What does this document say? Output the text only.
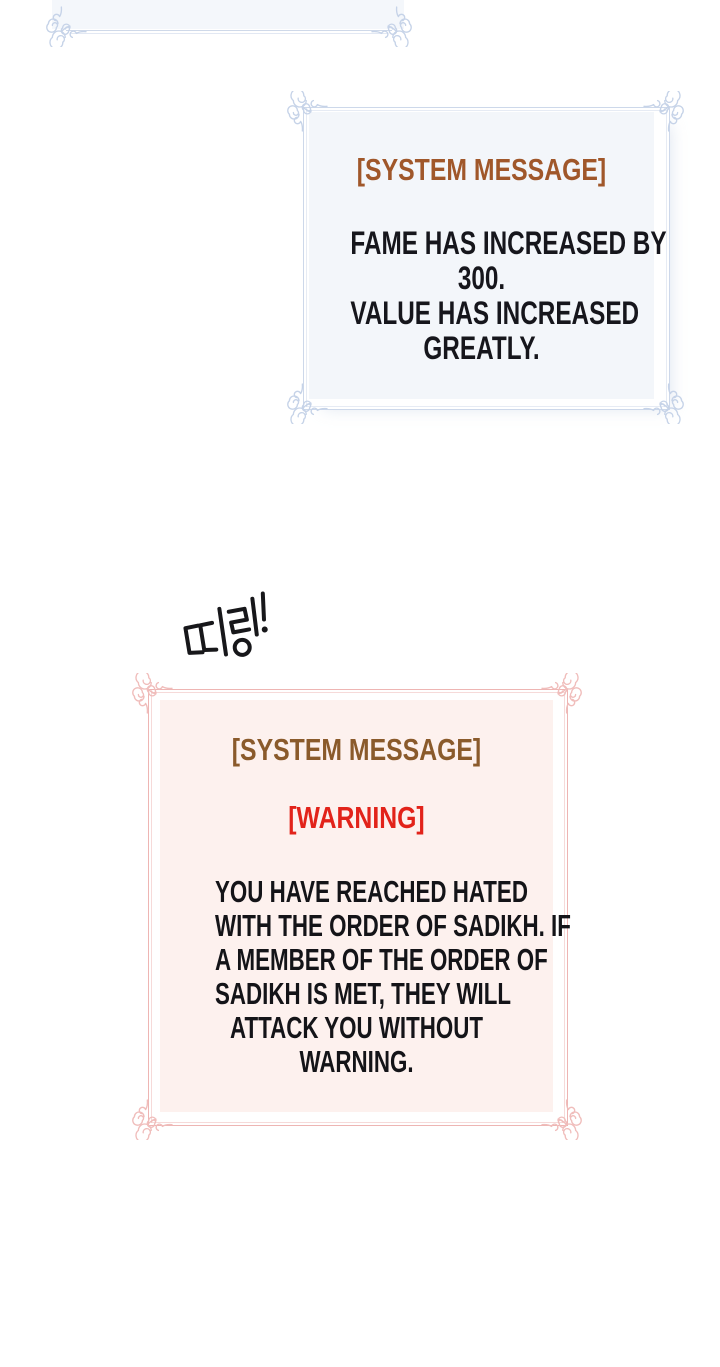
[SYSTEM MESSAGE]
FAME HAS INCREASED BY
300.
VALUE HAS INCREASED
GREATLY.
[SYSTEM MESSAGE]
[WARNING]
YOU HAVE REACHED HATED
WITH THE ORDER OF SADIKH. IF
A MEMBER OF THE ORDER OF
SADIKH IS MET, THEY WILL
ATTACK YOU WITHOUT
WARNING.
